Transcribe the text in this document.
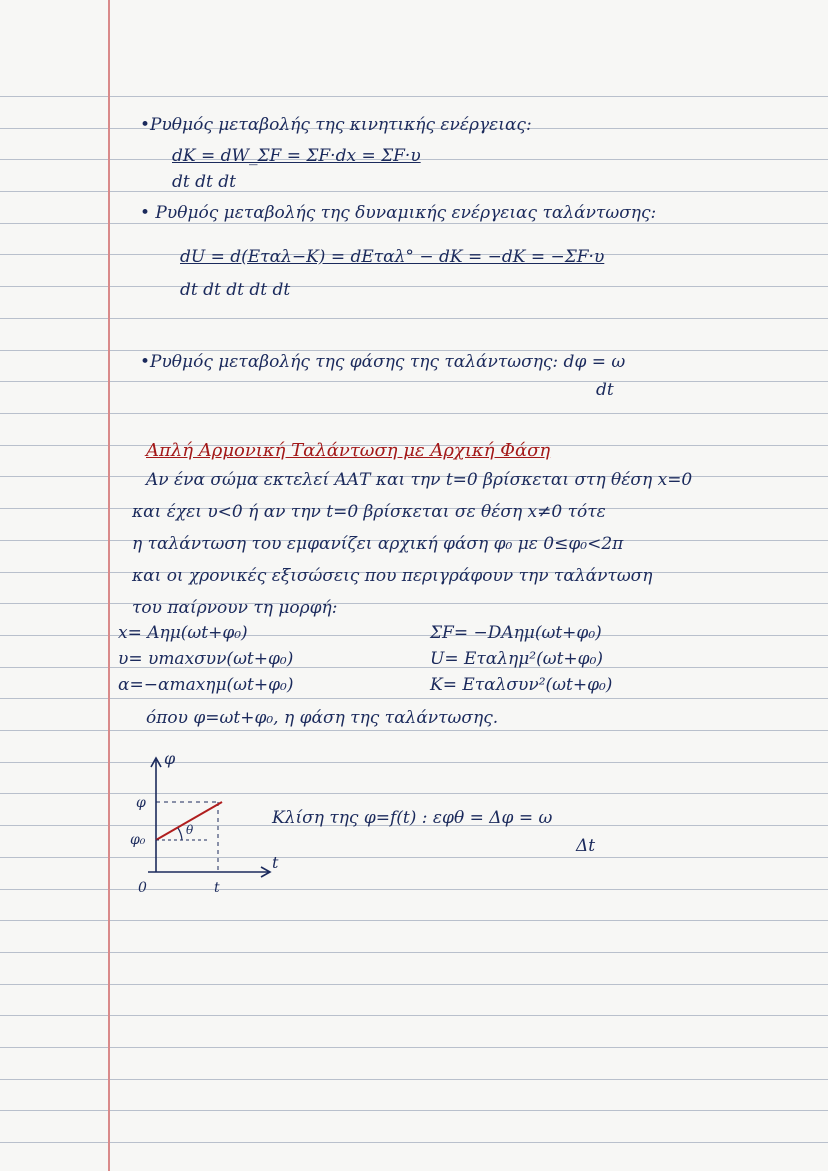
•Ρυθμός μεταβολής της κινητικής ενέργειας:
dK = dW_ΣF = ΣF·dx = ΣF·υ
dt dt dt
• Ρυθμός μεταβολής της δυναμικής ενέργειας ταλάντωσης:
dU = d(Eταλ−K) = dEταλ° − dK = −dK = −ΣF·υ
dt dt dt dt dt
•Ρυθμός μεταβολής της φάσης της ταλάντωσης: dφ = ω
dt
Απλή Αρμονική Ταλάντωση με Αρχική Φάση
Αν ένα σώμα εκτελεί ΑΑΤ και την t=0 βρίσκεται στη θέση x=0
και έχει υ<0 ή αν την t=0 βρίσκεται σε θέση x≠0 τότε
η ταλάντωση του εμφανίζει αρχική φάση φ₀ με 0≤φ₀<2π
και οι χρονικές εξισώσεις που περιγράφουν την ταλάντωση
του παίρνουν τη μορφή:
x= Aημ(ωt+φ₀)
υ= υmaxσυν(ωt+φ₀)
α=−αmaxημ(ωt+φ₀)
ΣF= −DAημ(ωt+φ₀)
U= Eταλημ²(ωt+φ₀)
K= Eταλσυν²(ωt+φ₀)
όπου φ=ωt+φ₀, η φάση της ταλάντωσης.
Κλίση της φ=f(t) : εφθ = Δφ = ω
Δt
φ
t
φ
φ₀
0	t
θ
